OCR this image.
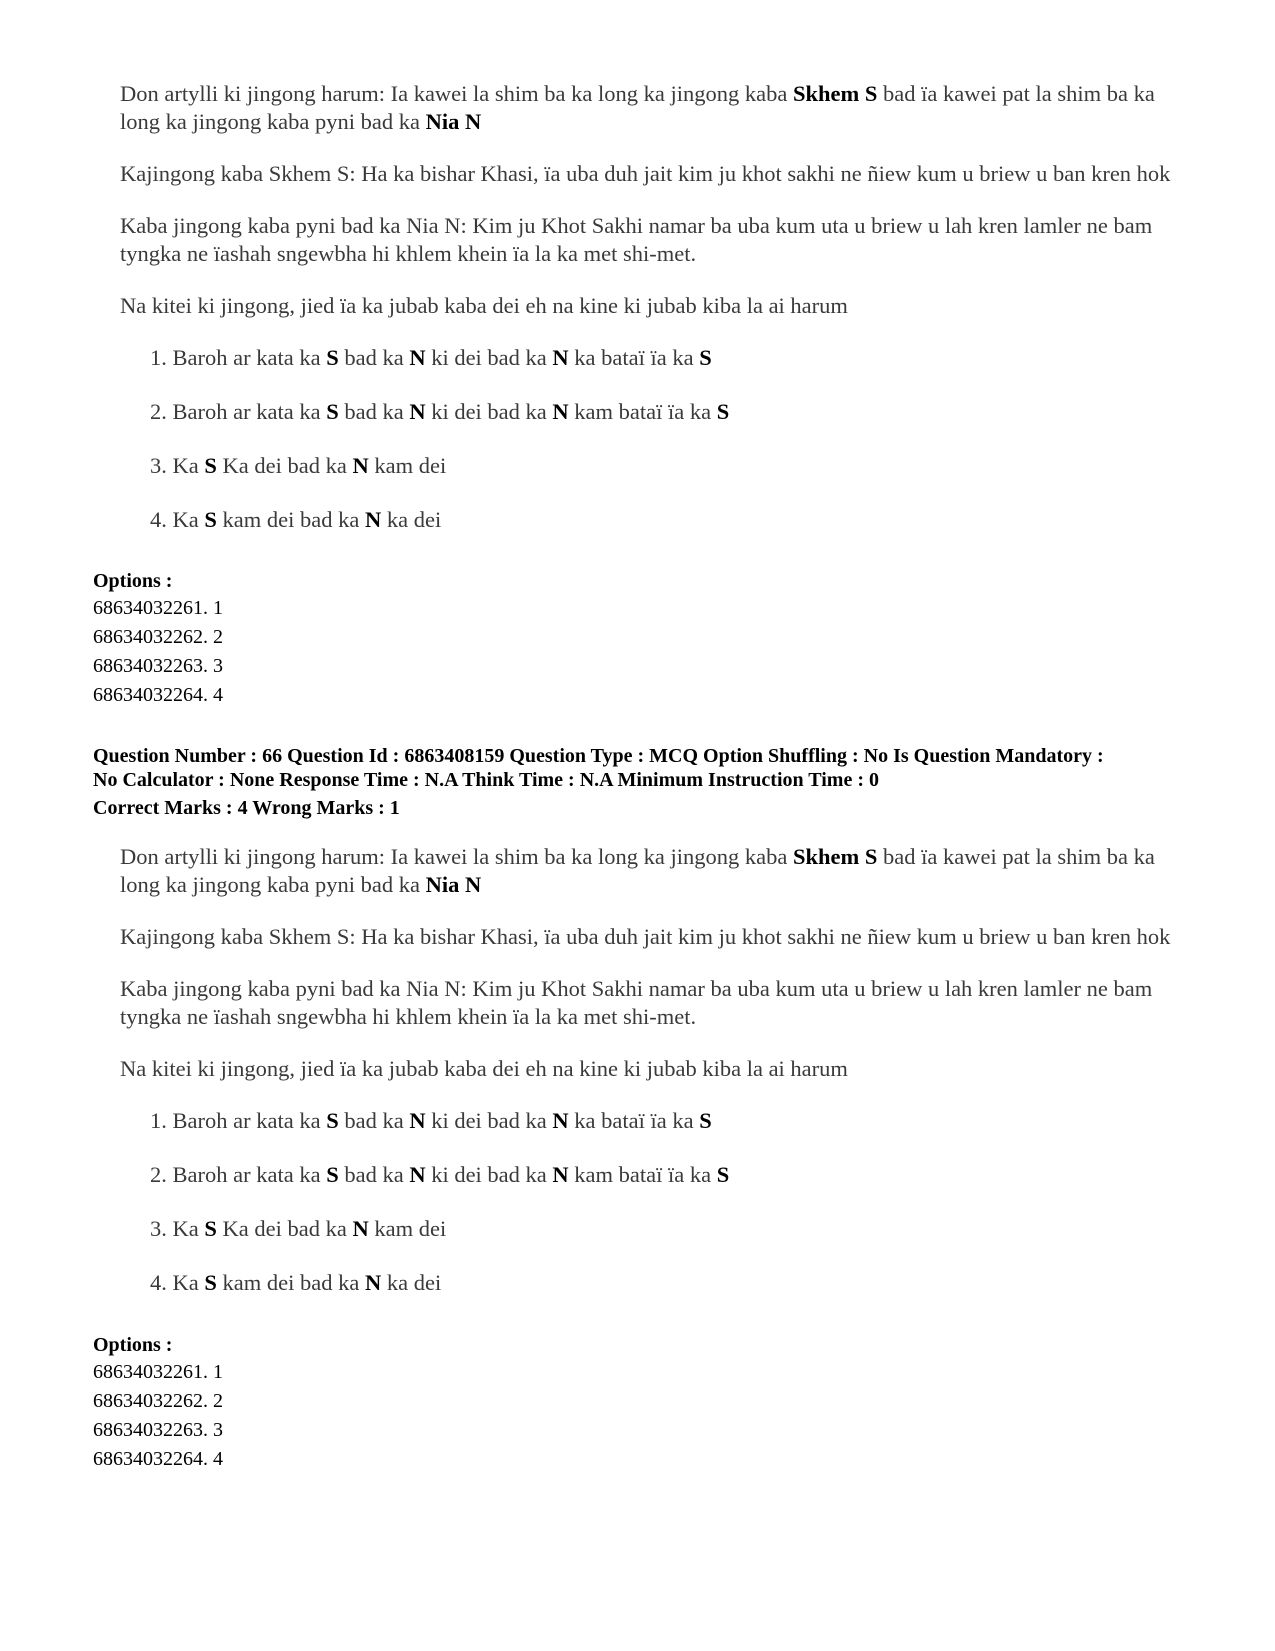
Don artylli ki jingong harum: Ia kawei la shim ba ka long ka jingong kaba Skhem S bad ïa kawei pat la shim ba ka long ka jingong kaba pyni bad ka Nia N

Kajingong kaba Skhem S: Ha ka bishar Khasi, ïa uba duh jait kim ju khot sakhi ne ñiew kum u briew u ban kren hok

Kaba jingong kaba pyni bad ka Nia N: Kim ju Khot Sakhi namar ba uba kum uta u briew u lah kren lamler ne bam tyngka ne ïashah sngewbha hi khlem khein ïa la ka met shi-met.

Na kitei ki jingong, jied ïa ka jubab kaba dei eh na kine ki jubab kiba la ai harum

1. Baroh ar kata ka S bad ka N ki dei bad ka N ka bataï ïa ka S
2. Baroh ar kata ka S bad ka N ki dei bad ka N kam bataï ïa ka S
3. Ka S Ka dei bad ka N kam dei
4. Ka S kam dei bad ka N ka dei
Options :
68634032261. 1
68634032262. 2
68634032263. 3
68634032264. 4
Question Number : 66 Question Id : 6863408159 Question Type : MCQ Option Shuffling : No Is Question Mandatory :
No Calculator : None Response Time : N.A Think Time : N.A Minimum Instruction Time : 0
Correct Marks : 4 Wrong Marks : 1

Don artylli ki jingong harum: Ia kawei la shim ba ka long ka jingong kaba Skhem S bad ïa kawei pat la shim ba ka long ka jingong kaba pyni bad ka Nia N

Kajingong kaba Skhem S: Ha ka bishar Khasi, ïa uba duh jait kim ju khot sakhi ne ñiew kum u briew u ban kren hok

Kaba jingong kaba pyni bad ka Nia N: Kim ju Khot Sakhi namar ba uba kum uta u briew u lah kren lamler ne bam tyngka ne ïashah sngewbha hi khlem khein ïa la ka met shi-met.

Na kitei ki jingong, jied ïa ka jubab kaba dei eh na kine ki jubab kiba la ai harum

1. Baroh ar kata ka S bad ka N ki dei bad ka N ka bataï ïa ka S
2. Baroh ar kata ka S bad ka N ki dei bad ka N kam bataï ïa ka S
3. Ka S Ka dei bad ka N kam dei
4. Ka S kam dei bad ka N ka dei
Options :
68634032261. 1
68634032262. 2
68634032263. 3
68634032264. 4
